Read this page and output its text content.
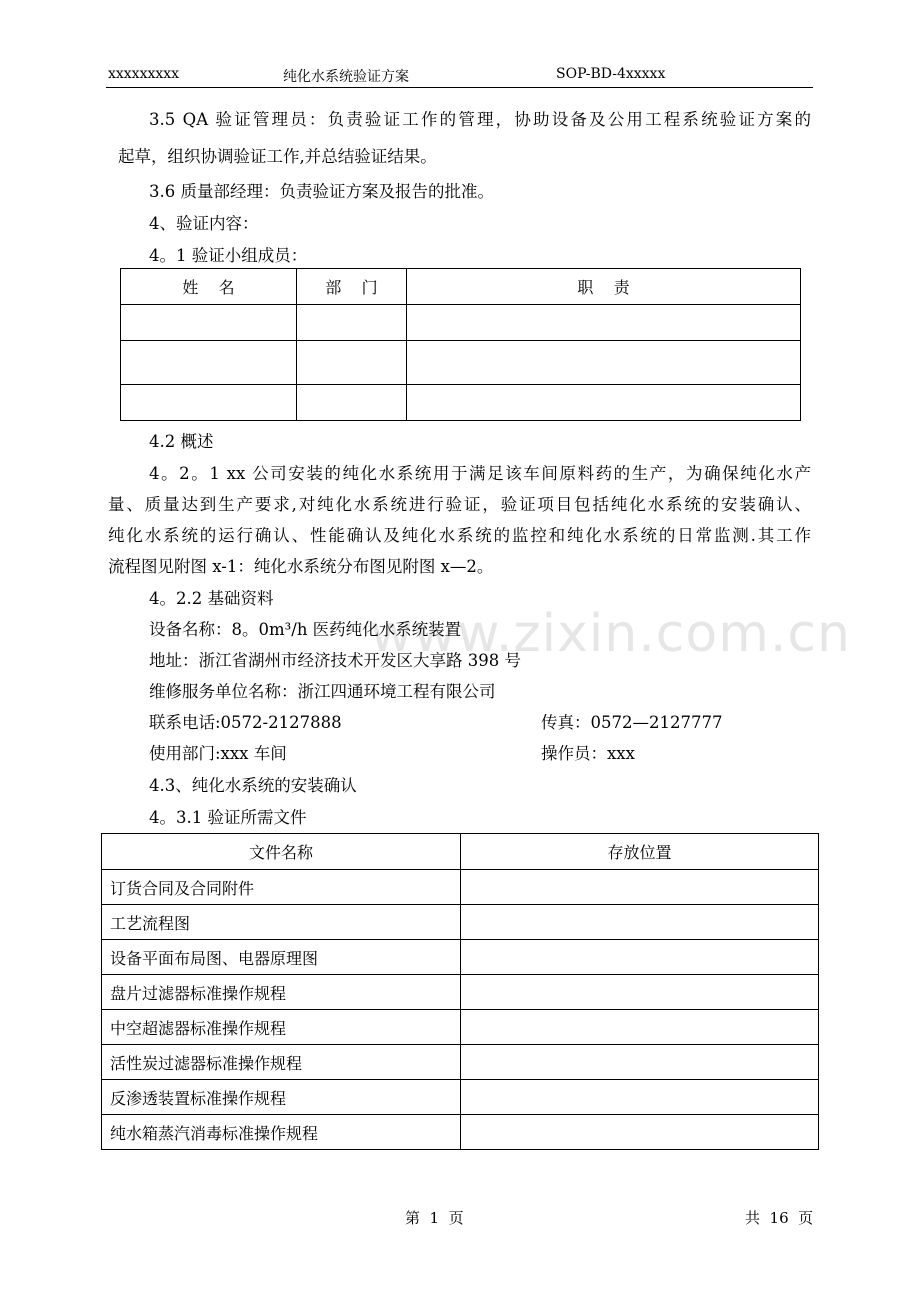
xxxxxxxxx	纯化水系统验证方案	SOP-BD-4xxxxx
www.zixin.com.cn
3.5 QA 验证管理员：负责验证工作的管理，协助设备及公用工程系统验证方案的
起草，组织协调验证工作,并总结验证结果。
3.6 质量部经理：负责验证方案及报告的批准。
4、验证内容：
4。1 验证小组成员：
姓    名	部    门	职    责

4.2 概述
4。2。1 xx 公司安装的纯化水系统用于满足该车间原料药的生产，为确保纯化水产
量、质量达到生产要求,对纯化水系统进行验证，验证项目包括纯化水系统的安装确认、
纯化水系统的运行确认、性能确认及纯化水系统的监控和纯化水系统的日常监测.其工作
流程图见附图 x-1：纯化水系统分布图见附图 x—2。
4。2.2 基础资料
设备名称：8。0m³/h 医药纯化水系统装置
地址：浙江省湖州市经济技术开发区大享路 398 号
维修服务单位名称：浙江四通环境工程有限公司
联系电话:0572-2127888	传真：0572—2127777
使用部门:xxx 车间	操作员：xxx
4.3、纯化水系统的安装确认
4。3.1 验证所需文件
文件名称	存放位置
订货合同及合同附件	
工艺流程图	
设备平面布局图、电器原理图	
盘片过滤器标准操作规程	
中空超滤器标准操作规程	
活性炭过滤器标准操作规程	
反渗透装置标准操作规程	
纯水箱蒸汽消毒标准操作规程	
第  1  页	共  16  页
